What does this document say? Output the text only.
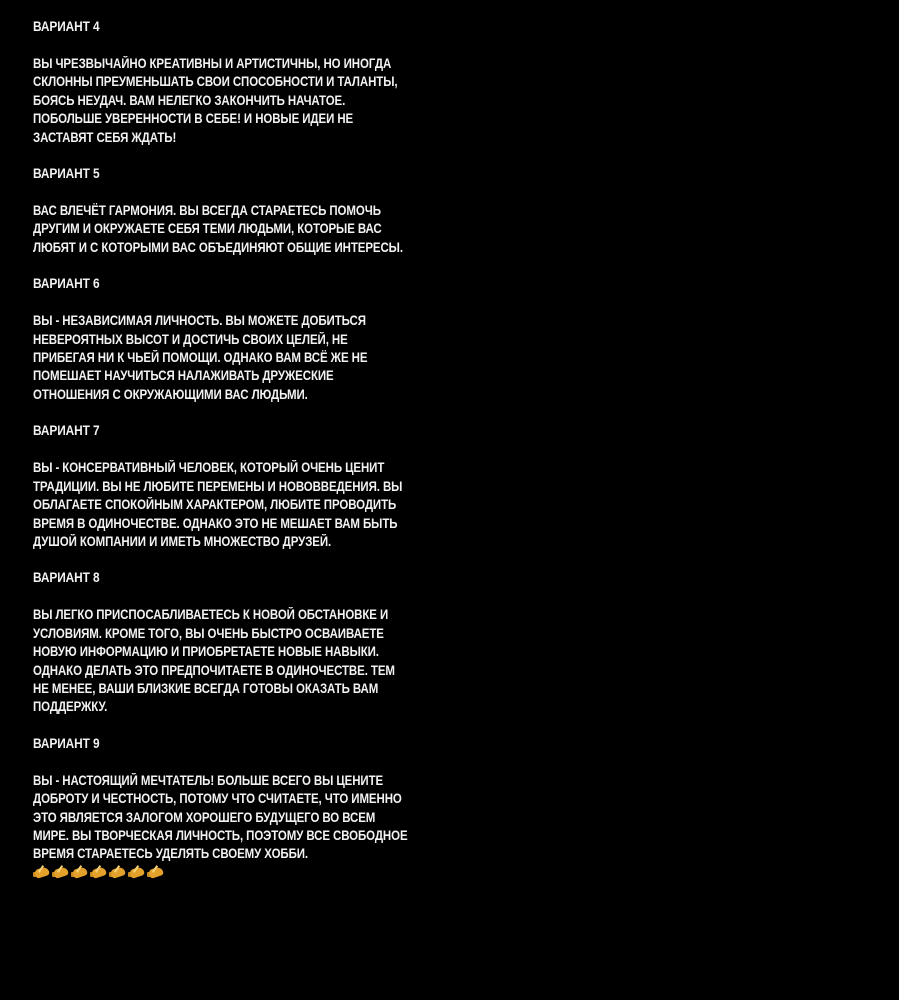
ВАРИАНТ 4
ВЫ ЧРЕЗВЫЧАЙНО КРЕАТИВНЫ И АРТИСТИЧНЫ, НО ИНОГДА
СКЛОННЫ ПРЕУМЕНЬШАТЬ СВОИ СПОСОБНОСТИ И ТАЛАНТЫ,
БОЯСЬ НЕУДАЧ. ВАМ НЕЛЕГКО ЗАКОНЧИТЬ НАЧАТОЕ.
ПОБОЛЬШЕ УВЕРЕННОСТИ В СЕБЕ! И НОВЫЕ ИДЕИ НЕ
ЗАСТАВЯТ СЕБЯ ЖДАТЬ!
ВАРИАНТ 5
ВАС ВЛЕЧЁТ ГАРМОНИЯ. ВЫ ВСЕГДА СТАРАЕТЕСЬ ПОМОЧЬ
ДРУГИМ И ОКРУЖАЕТЕ СЕБЯ ТЕМИ ЛЮДЬМИ, КОТОРЫЕ ВАС
ЛЮБЯТ И С КОТОРЫМИ ВАС ОБЪЕДИНЯЮТ ОБЩИЕ ИНТЕРЕСЫ.
ВАРИАНТ 6
ВЫ - НЕЗАВИСИМАЯ ЛИЧНОСТЬ. ВЫ МОЖЕТЕ ДОБИТЬСЯ
НЕВЕРОЯТНЫХ ВЫСОТ И ДОСТИЧЬ СВОИХ ЦЕЛЕЙ, НЕ
ПРИБЕГАЯ НИ К ЧЬЕЙ ПОМОЩИ. ОДНАКО ВАМ ВСЁ ЖЕ НЕ
ПОМЕШАЕТ НАУЧИТЬСЯ НАЛАЖИВАТЬ ДРУЖЕСКИЕ
ОТНОШЕНИЯ С ОКРУЖАЮЩИМИ ВАС ЛЮДЬМИ.
ВАРИАНТ 7
ВЫ - КОНСЕРВАТИВНЫЙ ЧЕЛОВЕК, КОТОРЫЙ ОЧЕНЬ ЦЕНИТ
ТРАДИЦИИ. ВЫ НЕ ЛЮБИТЕ ПЕРЕМЕНЫ И НОВОВВЕДЕНИЯ. ВЫ
ОБЛАГАЕТЕ СПОКОЙНЫМ ХАРАКТЕРОМ, ЛЮБИТЕ ПРОВОДИТЬ
ВРЕМЯ В ОДИНОЧЕСТВЕ. ОДНАКО ЭТО НЕ МЕШАЕТ ВАМ БЫТЬ
ДУШОЙ КОМПАНИИ И ИМЕТЬ МНОЖЕСТВО ДРУЗЕЙ.
ВАРИАНТ 8
ВЫ ЛЕГКО ПРИСПОСАБЛИВАЕТЕСЬ К НОВОЙ ОБСТАНОВКЕ И
УСЛОВИЯМ. КРОМЕ ТОГО, ВЫ ОЧЕНЬ БЫСТРО ОСВАИВАЕТЕ
НОВУЮ ИНФОРМАЦИЮ И ПРИОБРЕТАЕТЕ НОВЫЕ НАВЫКИ.
ОДНАКО ДЕЛАТЬ ЭТО ПРЕДПОЧИТАЕТЕ В ОДИНОЧЕСТВЕ. ТЕМ
НЕ МЕНЕЕ, ВАШИ БЛИЗКИЕ ВСЕГДА ГОТОВЫ ОКАЗАТЬ ВАМ
ПОДДЕРЖКУ.
ВАРИАНТ 9
ВЫ - НАСТОЯЩИЙ МЕЧТАТЕЛЬ! БОЛЬШЕ ВСЕГО ВЫ ЦЕНИТЕ
ДОБРОТУ И ЧЕСТНОСТЬ, ПОТОМУ ЧТО СЧИТАЕТЕ, ЧТО ИМЕННО
ЭТО ЯВЛЯЕТСЯ ЗАЛОГОМ ХОРОШЕГО БУДУЩЕГО ВО ВСЕМ
МИРЕ. ВЫ ТВОРЧЕСКАЯ ЛИЧНОСТЬ, ПОЭТОМУ ВСЕ СВОБОДНОЕ
ВРЕМЯ СТАРАЕТЕСЬ УДЕЛЯТЬ СВОЕМУ ХОББИ.
